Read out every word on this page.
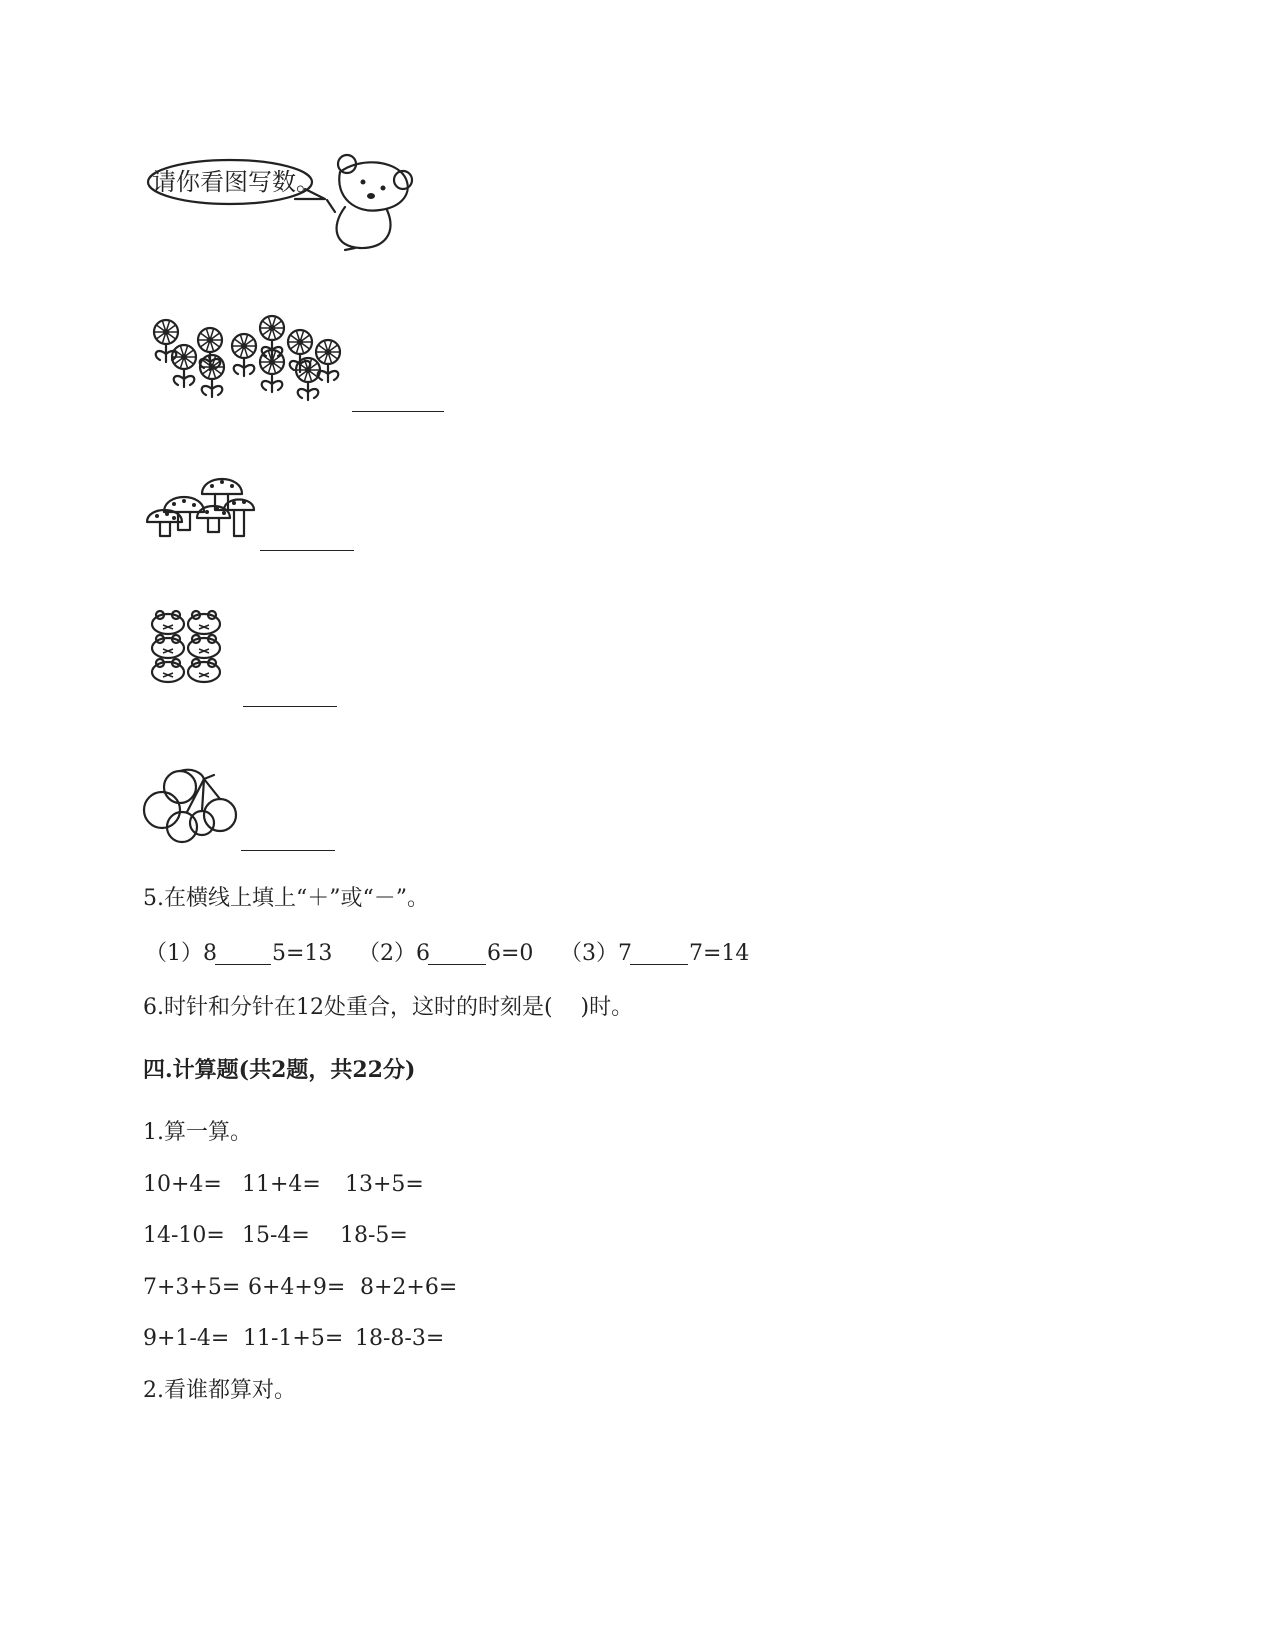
请你看图写数。
5.在横线上填上“＋”或“－”。
（1）8	5=13 （2）6	6=0 （3）7	7=14
6.时针和分针在12处重合，这时的时刻是(    )时。
四.计算题(共2题，共22分)
1.算一算。
10+4= 11+4= 13+5=
14-10= 15-4= 18-5=
7+3+5= 6+4+9= 8+2+6=
9+1-4= 11-1+5= 18-8-3=
2.看谁都算对。
